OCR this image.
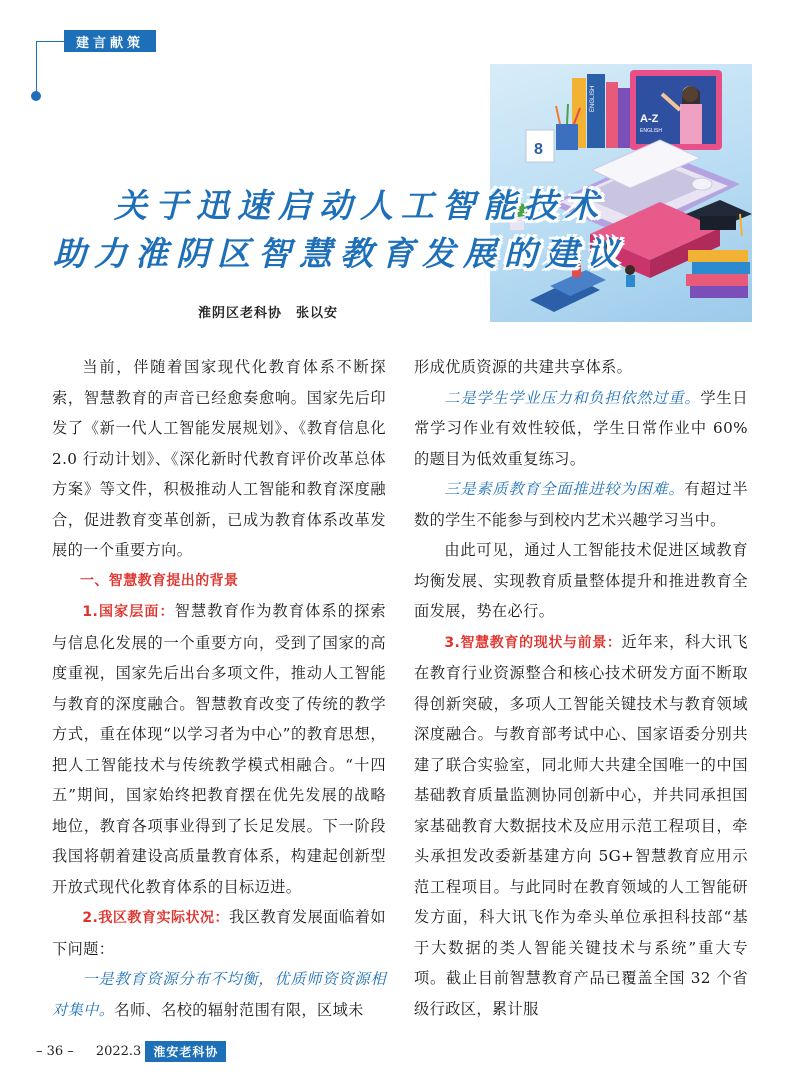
建言献策
ENGLISH
8
A-Z
ENGLISH
关于迅速启动人工智能技术
助力淮阴区智慧教育发展的建议
淮阴区老科协 张以安

当前，伴随着国家现代化教育体系不断探索，智慧教育的声音已经愈奏愈响。国家先后印发了《新一代人工智能发展规划》、《教育信息化 2.0 行动计划》、《深化新时代教育评价改革总体方案》等文件，积极推动人工智能和教育深度融合，促进教育变革创新，已成为教育体系改革发展的一个重要方向。

一、智慧教育提出的背景

1.国家层面：智慧教育作为教育体系的探索与信息化发展的一个重要方向，受到了国家的高度重视，国家先后出台多项文件，推动人工智能与教育的深度融合。智慧教育改变了传统的教学方式，重在体现“以学习者为中心”的教育思想，把人工智能技术与传统教学模式相融合。“十四五”期间，国家始终把教育摆在优先发展的战略地位，教育各项事业得到了长足发展。下一阶段我国将朝着建设高质量教育体系，构建起创新型开放式现代化教育体系的目标迈进。

2.我区教育实际状况：我区教育发展面临着如下问题：

一是教育资源分布不均衡，优质师资资源相对集中。名师、名校的辐射范围有限，区域未

形成优质资源的共建共享体系。

二是学生学业压力和负担依然过重。学生日常学习作业有效性较低，学生日常作业中 60%的题目为低效重复练习。

三是素质教育全面推进较为困难。有超过半数的学生不能参与到校内艺术兴趣学习当中。

由此可见，通过人工智能技术促进区域教育均衡发展、实现教育质量整体提升和推进教育全面发展，势在必行。

3.智慧教育的现状与前景：近年来，科大讯飞在教育行业资源整合和核心技术研发方面不断取得创新突破，多项人工智能关键技术与教育领域深度融合。与教育部考试中心、国家语委分别共建了联合实验室，同北师大共建全国唯一的中国基础教育质量监测协同创新中心，并共同承担国家基础教育大数据技术及应用示范工程项目，牵头承担发改委新基建方向 5G+智慧教育应用示范工程项目。与此同时在教育领域的人工智能研发方面，科大讯飞作为牵头单位承担科技部“基于大数据的类人智能关键技术与系统”重大专项。截止目前智慧教育产品已覆盖全国 32 个省级行政区，累计服

– 36 – 2022.3	淮安老科协
